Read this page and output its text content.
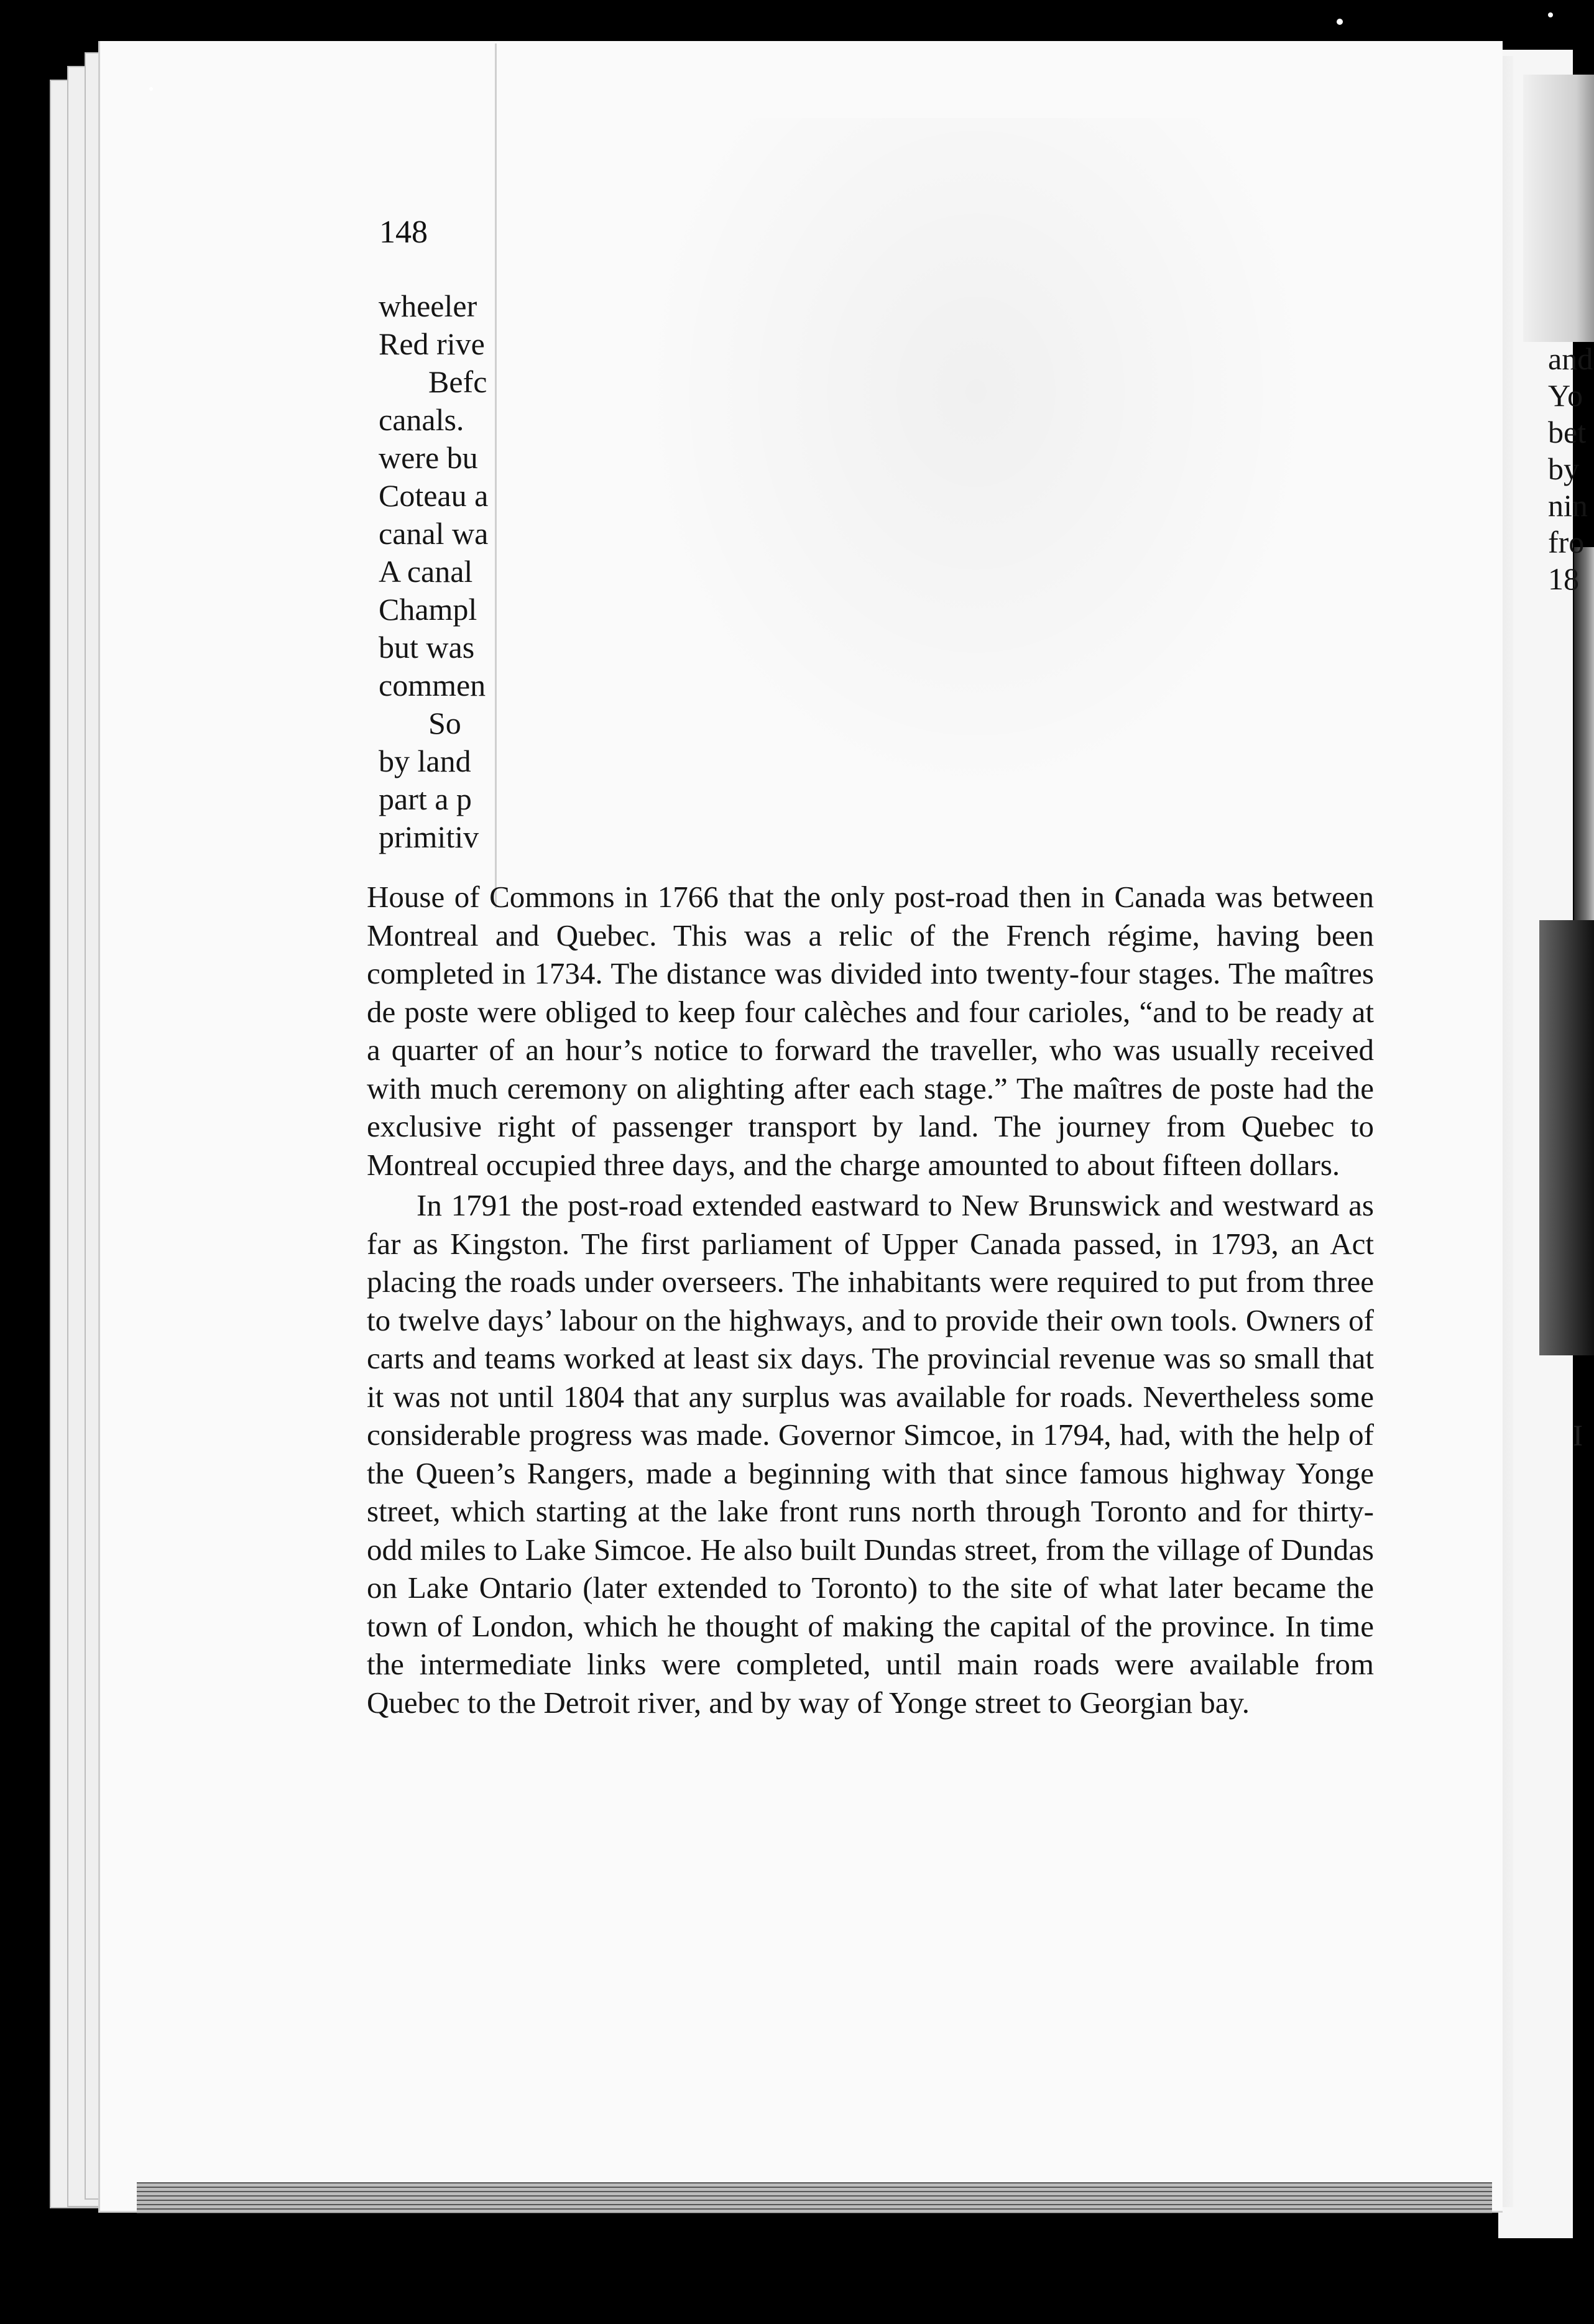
and
Yo
bet
by
nin
fro
18
I
148
wheeler
Red rive
Befc
canals.
were bu
Coteau a
canal wa
A canal
Champl
but was
commen
So
by land
part a p
primitiv

House of Commons in 1766 that the only post-road then in Canada was between Montreal and Quebec. This was a relic of the French régime, having been completed in 1734. The distance was divided into twenty-four stages. The maîtres de poste were obliged to keep four calèches and four carioles, “and to be ready at a quarter of an hour’s notice to forward the traveller, who was usually received with much ceremony on alighting after each stage.” The maîtres de poste had the exclusive right of passenger transport by land. The journey from Quebec to Montreal occupied three days, and the charge amounted to about fifteen dollars.

In 1791 the post-road extended eastward to New Brunswick and westward as far as Kingston. The first parliament of Upper Canada passed, in 1793, an Act placing the roads under overseers. The inhabitants were required to put from three to twelve days’ labour on the highways, and to provide their own tools. Owners of carts and teams worked at least six days. The provincial revenue was so small that it was not until 1804 that any surplus was available for roads. Nevertheless some considerable progress was made. Governor Simcoe, in 1794, had, with the help of the Queen’s Rangers, made a beginning with that since famous highway Yonge street, which starting at the lake front runs north through Toronto and for thirty-odd miles to Lake Simcoe. He also built Dundas street, from the village of Dundas on Lake Ontario (later extended to Toronto) to the site of what later became the town of London, which he thought of making the capital of the province. In time the intermediate links were completed, until main roads were available from Quebec to the Detroit river, and by way of Yonge street to Georgian bay.
